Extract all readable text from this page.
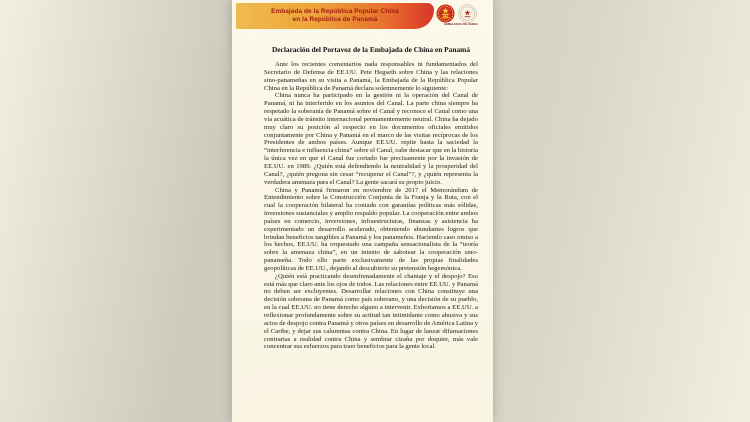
Embajada de la República Popular China
en la República de Panamá
EMBAJADA DE CHINA
Declaración del Portavoz de la Embajada de China en Panamá

Ante los recientes comentarios nada responsables ni fundamentados del Secretario de Defensa de EE.UU. Pete Hegseth sobre China y las relaciones sino-panameñas en su visita a Panamá, la Embajada de la República Popular China en la República de Panamá declara solemnemente lo siguiente:

China nunca ha participado en la gestión ni la operación del Canal de Panamá, ni ha interferido en los asuntos del Canal. La parte china siempre ha respetado la soberanía de Panamá sobre el Canal y reconoce el Canal como una vía acuática de tránsito internacional permanentemente neutral. China ha dejado muy claro su posición al respecto en los documentos oficiales emitidos conjuntamente por China y Panamá en el marco de las visitas recíprocas de los Presidentes de ambos países. Aunque EE.UU. repite hasta la saciedad la “interferencia e influencia china” sobre el Canal, cabe destacar que en la historia la única vez en que el Canal fue cortado fue precisamente por la invasión de EE.UU. en 1989. ¿Quién está defendiendo la neutralidad y la prosperidad del Canal?, ¿quién pregona sin cesar “recuperar el Canal”?, y ¿quién representa la verdadera amenaza para el Canal? La gente sacará su propio juicio.

China y Panamá firmaron en noviembre de 2017 el Memorándum de Entendimiento sobre la Construcción Conjunta de la Franja y la Ruta, con el cual la cooperación bilateral ha contado con garantías políticas más sólidas, inversiones sustanciales y amplio respaldo popular. La cooperación entre ambos países en comercio, inversiones, infraestructuras, finanzas y asistencia ha experimentado un desarrollo acelerado, obteniendo abundantes logros que brindan beneficios tangibles a Panamá y los panameños. Haciendo caso omiso a los hechos, EE.UU. ha orquestado una campaña sensacionalista de la “teoría sobre la amenaza china”, en un intento de sabotear la cooperación sino-panameña. Todo ello parte exclusivamente de las propias finalidades geopolíticas de EE.UU., dejando al descubierto su pretensión hegemónica.

¿Quién está practicando desenfrenadamente el chantaje y el despojo? Eso está más que claro ante los ojos de todos. Las relaciones entre EE.UU. y Panamá no deben ser excluyentes. Desarrollar relaciones con China constituye una decisión soberana de Panamá como país soberano, y una decisión de su pueblo, en la cual EE.UU. no tiene derecho alguno a intervenir. Exhortamos a EE.UU. a reflexionar profundamente sobre su actitud tan intimidante como abusiva y sus actos de despojo contra Panamá y otros países en desarrollo de América Latina y el Caribe, y dejar sus calumnias contra China. En lugar de lanzar difamaciones contrarias a realidad contra China y sembrar cizaña por doquier, más vale concentrar sus esfuerzos para traer beneficios para la gente local.
